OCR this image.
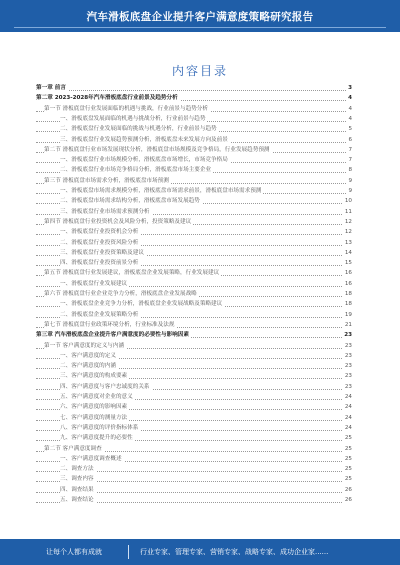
汽车滑板底盘企业提升客户满意度策略研究报告
内容目录
第一章 前言	3
第二章 2023-2028年汽车滑板底盘行业前景及趋势分析	4
第一节 滑板底盘行业发展面临的机遇与挑战，行业前景与趋势分析	4
一、滑板底盘发展面临的机遇与挑战分析，行业前景与趋势	4
二、滑板底盘行业发展面临的挑战与机遇分析，行业前景与趋势	5
三、滑板底盘行业发展趋势预测分析，滑板底盘未来发展方向及前景	6
第二节 滑板底盘行业市场发展现状分析，滑板底盘市场规模及竞争格局，行业发展趋势预测	7
一、滑板底盘行业市场规模分析，滑板底盘市场增长，市场竞争格局	7
二、滑板底盘行业市场竞争格局分析，滑板底盘市场主要企业	8
第三节 滑板底盘市场需求分析，滑板底盘市场预测	9
一、滑板底盘市场需求规模分析，滑板底盘市场需求前景，滑板底盘市场需求预测	9
二、滑板底盘市场需求结构分析，滑板底盘市场发展趋势	10
三、滑板底盘行业市场需求预测分析	11
第四节 滑板底盘行业投资机会及风险分析，投资策略及建议	12
一、滑板底盘行业投资机会分析	12
二、滑板底盘行业投资风险分析	13
三、滑板底盘行业投资策略及建议	14
四、滑板底盘行业投资前景分析	15
第五节 滑板底盘行业发展建议，滑板底盘企业发展策略，行业发展建议	16
一、滑板底盘行业发展建议	16
第六节 滑板底盘行业企业竞争力分析，滑板底盘企业发展战略	18
一、滑板底盘企业竞争力分析，滑板底盘企业发展战略及策略建议	18
二、滑板底盘企业发展策略分析	19
第七节 滑板底盘行业政策环境分析，行业标准及法规	21
第三章 汽车滑板底盘企业提升客户满意度的必要性与影响因素	23
第一节 客户满意度的定义与内涵	23
一、客户满意度的定义	23
二、客户满意度的内涵	23
三、客户满意度的构成要素	23
四、客户满意度与客户忠诚度的关系	23
五、客户满意度对企业的意义	24
六、客户满意度的影响因素	24
七、客户满意度的测量方法	24
八、客户满意度的评价指标体系	24
九、客户满意度提升的必要性	25
第二节 客户满意度调查	25
一、客户满意度调查概述	25
二、调查方法	25
三、调查内容	25
四、调查结果	26
五、调查结论	26
让每个人都有成就	行业专家、管理专家、营销专家、战略专家、成功企业家......
